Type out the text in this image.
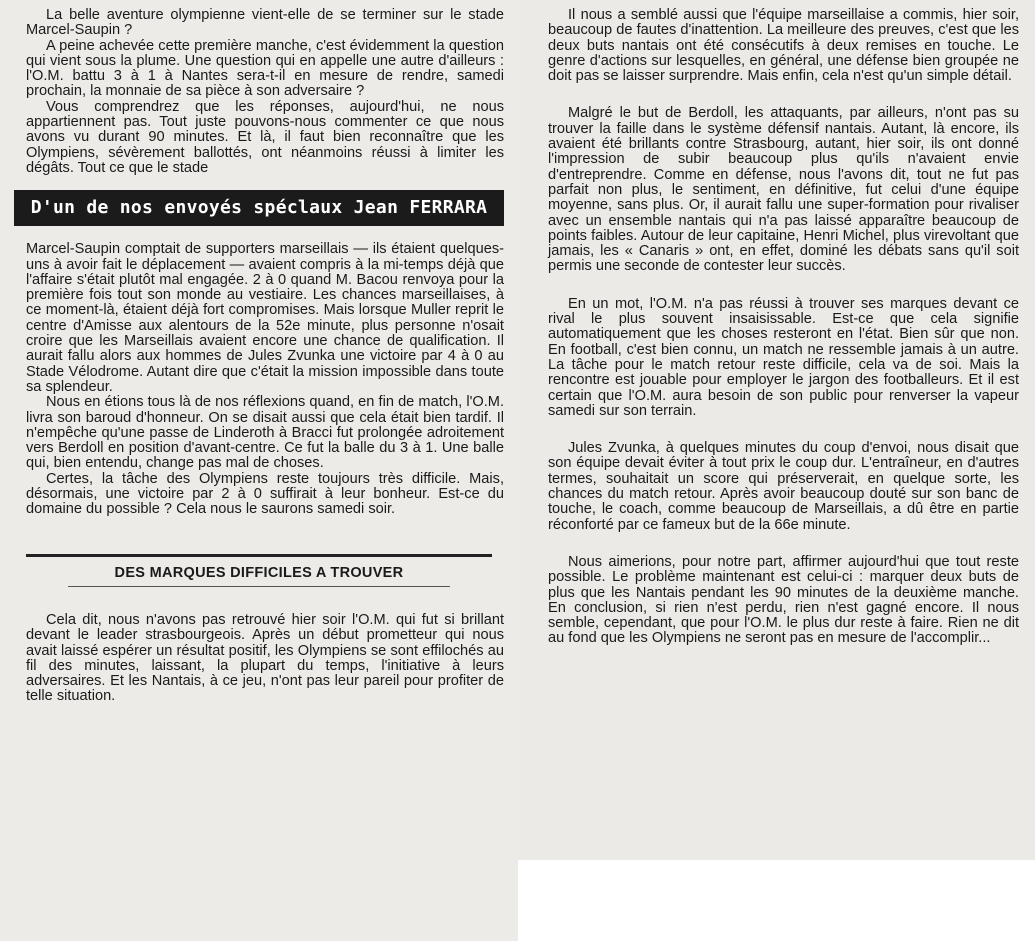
La belle aventure olympienne vient-elle de se terminer sur le stade Marcel-Saupin ?

A peine achevée cette première manche, c'est évidemment la question qui vient sous la plume. Une question qui en appelle une autre d'ailleurs : l'O.M. battu 3 à 1 à Nantes sera-t-il en mesure de rendre, samedi prochain, la monnaie de sa pièce à son adversaire ?

Vous comprendrez que les réponses, aujourd'hui, ne nous appartiennent pas. Tout juste pouvons-nous commenter ce que nous avons vu durant 90 minutes. Et là, il faut bien reconnaître que les Olympiens, sévèrement ballottés, ont néanmoins réussi à limiter les dégâts. Tout ce que le stade

D'un de nos envoyés spéclaux Jean FERRARA

Marcel-Saupin comptait de supporters marseillais — ils étaient quelques-uns à avoir fait le déplacement — avaient compris à la mi-temps déjà que l'affaire s'était plutôt mal engagée. 2 à 0 quand M. Bacou renvoya pour la première fois tout son monde au vestiaire. Les chances marseillaises, à ce moment-là, étaient déjà fort compromises. Mais lorsque Muller reprit le centre d'Amisse aux alentours de la 52e minute, plus personne n'osait croire que les Marseillais avaient encore une chance de qualification. Il aurait fallu alors aux hommes de Jules Zvunka une victoire par 4 à 0 au Stade Vélodrome. Autant dire que c'était la mission impossible dans toute sa splendeur.

Nous en étions tous là de nos réflexions quand, en fin de match, l'O.M. livra son baroud d'honneur. On se disait aussi que cela était bien tardif. Il n'empêche qu'une passe de Linderoth à Bracci fut prolongée adroitement vers Berdoll en position d'avant-centre. Ce fut la balle du 3 à 1. Une balle qui, bien entendu, change pas mal de choses.

Certes, la tâche des Olympiens reste toujours très difficile. Mais, désormais, une victoire par 2 à 0 suffirait à leur bonheur. Est-ce du domaine du possible ? Cela nous le saurons samedi soir.

DES MARQUES DIFFICILES A TROUVER

Cela dit, nous n'avons pas retrouvé hier soir l'O.M. qui fut si brillant devant le leader strasbourgeois. Après un début prometteur qui nous avait laissé espérer un résultat positif, les Olympiens se sont effilochés au fil des minutes, laissant, la plupart du temps, l'initiative à leurs adversaires. Et les Nantais, à ce jeu, n'ont pas leur pareil pour profiter de telle situation.

Il nous a semblé aussi que l'équipe marseillaise a commis, hier soir, beaucoup de fautes d'inattention. La meilleure des preuves, c'est que les deux buts nantais ont été consécutifs à deux remises en touche. Le genre d'actions sur lesquelles, en général, une défense bien groupée ne doit pas se laisser surprendre. Mais enfin, cela n'est qu'un simple détail.

Malgré le but de Berdoll, les attaquants, par ailleurs, n'ont pas su trouver la faille dans le système défensif nantais. Autant, là encore, ils avaient été brillants contre Strasbourg, autant, hier soir, ils ont donné l'impression de subir beaucoup plus qu'ils n'avaient envie d'entreprendre. Comme en défense, nous l'avons dit, tout ne fut pas parfait non plus, le sentiment, en définitive, fut celui d'une équipe moyenne, sans plus. Or, il aurait fallu une super-formation pour rivaliser avec un ensemble nantais qui n'a pas laissé apparaître beaucoup de points faibles. Autour de leur capitaine, Henri Michel, plus virevoltant que jamais, les « Canaris » ont, en effet, dominé les débats sans qu'il soit permis une seconde de contester leur succès.

En un mot, l'O.M. n'a pas réussi à trouver ses marques devant ce rival le plus souvent insaisissable. Est-ce que cela signifie automatiquement que les choses resteront en l'état. Bien sûr que non. En football, c'est bien connu, un match ne ressemble jamais à un autre. La tâche pour le match retour reste difficile, cela va de soi. Mais la rencontre est jouable pour employer le jargon des footballeurs. Et il est certain que l'O.M. aura besoin de son public pour renverser la vapeur samedi sur son terrain.

Jules Zvunka, à quelques minutes du coup d'envoi, nous disait que son équipe devait éviter à tout prix le coup dur. L'entraîneur, en d'autres termes, souhaitait un score qui préserverait, en quelque sorte, les chances du match retour. Après avoir beaucoup douté sur son banc de touche, le coach, comme beaucoup de Marseillais, a dû être en partie réconforté par ce fameux but de la 66e minute.

Nous aimerions, pour notre part, affirmer aujourd'hui que tout reste possible. Le problème maintenant est celui-ci : marquer deux buts de plus que les Nantais pendant les 90 minutes de la deuxième manche. En conclusion, si rien n'est perdu, rien n'est gagné encore. Il nous semble, cependant, que pour l'O.M. le plus dur reste à faire. Rien ne dit au fond que les Olympiens ne seront pas en mesure de l'accomplir...
